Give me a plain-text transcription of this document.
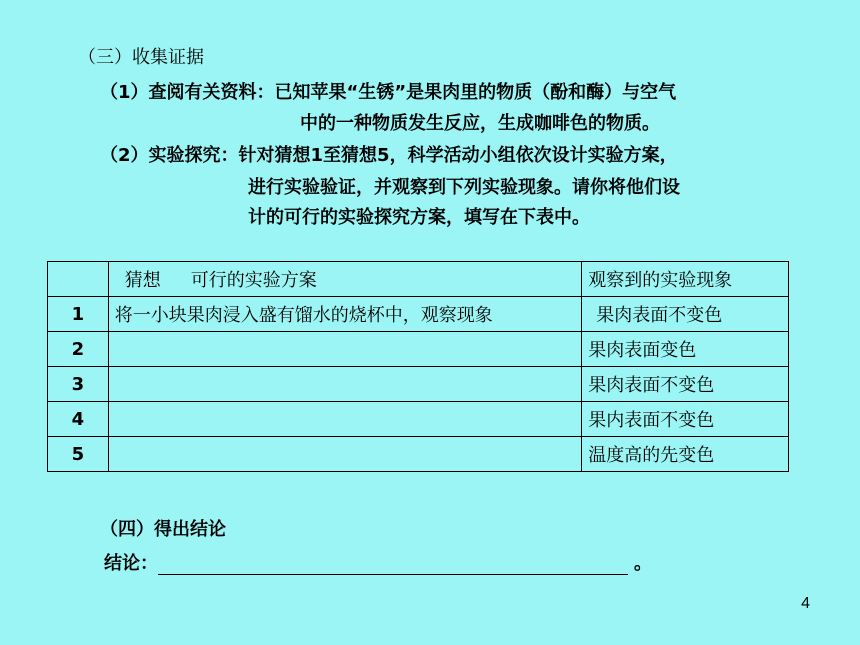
（三）收集证据
（1）查阅有关资料：已知苹果“生锈”是果肉里的物质（酚和酶）与空气
中的一种物质发生反应，生成咖啡色的物质。
（2）实验探究：针对猜想1至猜想5，科学活动小组依次设计实验方案，
进行实验验证，并观察到下列实验现象。请你将他们设
计的可行的实验探究方案，填写在下表中。
	猜想 可行的实验方案	观察到的实验现象
1	将一小块果肉浸入盛有馏水的烧杯中，观察现象	果肉表面不变色
2		果肉表面变色
3		果肉表面不变色
4		果内表面不变色
5		温度高的先变色
（四）得出结论
结论：	。
4
